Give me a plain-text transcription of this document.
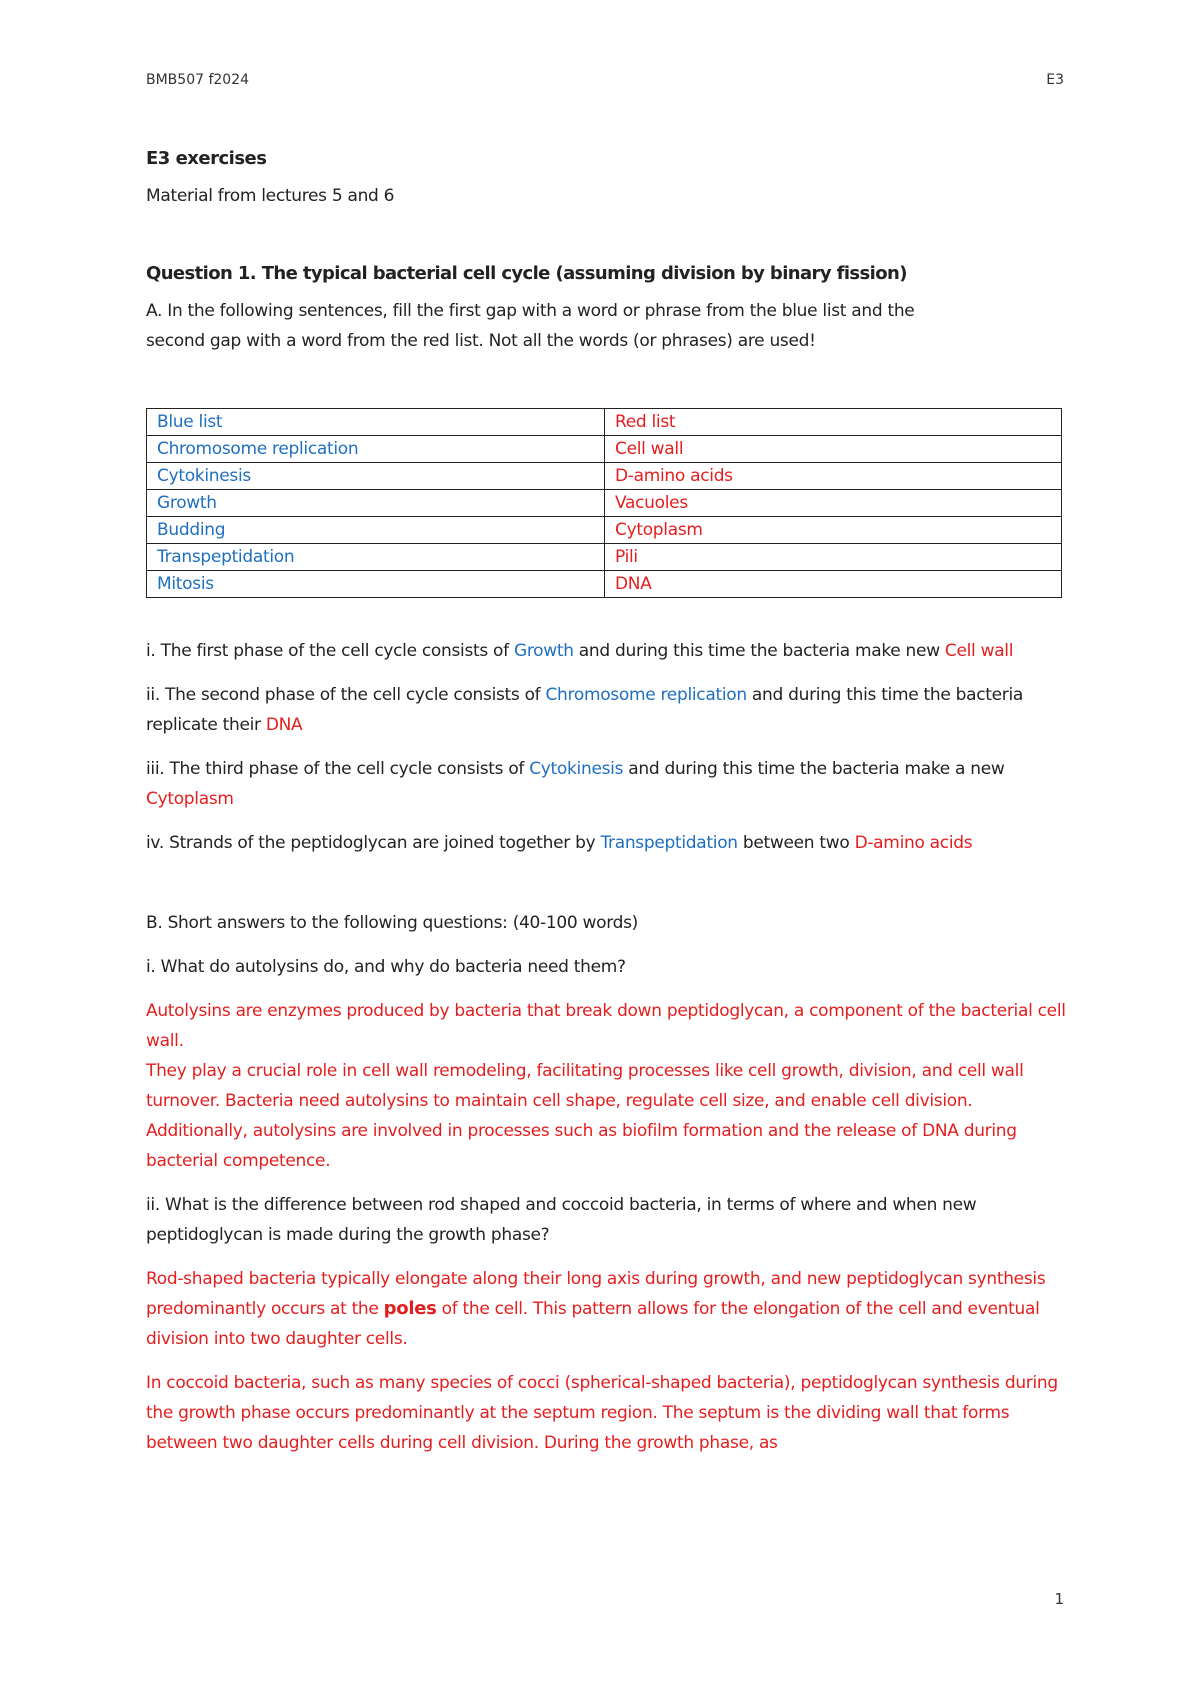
BMB507 f2024	E3
E3 exercises
Material from lectures 5 and 6
Question 1. The typical bacterial cell cycle (assuming division by binary fission)
A. In the following sentences, fill the first gap with a word or phrase from the blue list and the second gap with a word from the red list. Not all the words (or phrases) are used!
Blue list	Red list
Chromosome replication	Cell wall
Cytokinesis	D-amino acids
Growth	Vacuoles
Budding	Cytoplasm
Transpeptidation	Pili
Mitosis	DNA
i. The first phase of the cell cycle consists of Growth and during this time the bacteria make new Cell wall
ii. The second phase of the cell cycle consists of Chromosome replication and during this time the bacteria replicate their DNA
iii. The third phase of the cell cycle consists of Cytokinesis and during this time the bacteria make a new Cytoplasm
iv. Strands of the peptidoglycan are joined together by Transpeptidation between two D-amino acids
B. Short answers to the following questions: (40-100 words)
i. What do autolysins do, and why do bacteria need them?
Autolysins are enzymes produced by bacteria that break down peptidoglycan, a component of the bacterial cell wall.
They play a crucial role in cell wall remodeling, facilitating processes like cell growth, division, and cell wall turnover. Bacteria need autolysins to maintain cell shape, regulate cell size, and enable cell division. Additionally, autolysins are involved in processes such as biofilm formation and the release of DNA during bacterial competence.
ii. What is the difference between rod shaped and coccoid bacteria, in terms of where and when new peptidoglycan is made during the growth phase?
Rod-shaped bacteria typically elongate along their long axis during growth, and new peptidoglycan synthesis predominantly occurs at the poles of the cell. This pattern allows for the elongation of the cell and eventual division into two daughter cells.
In coccoid bacteria, such as many species of cocci (spherical-shaped bacteria), peptidoglycan synthesis during the growth phase occurs predominantly at the septum region. The septum is the dividing wall that forms between two daughter cells during cell division. During the growth phase, as
1
